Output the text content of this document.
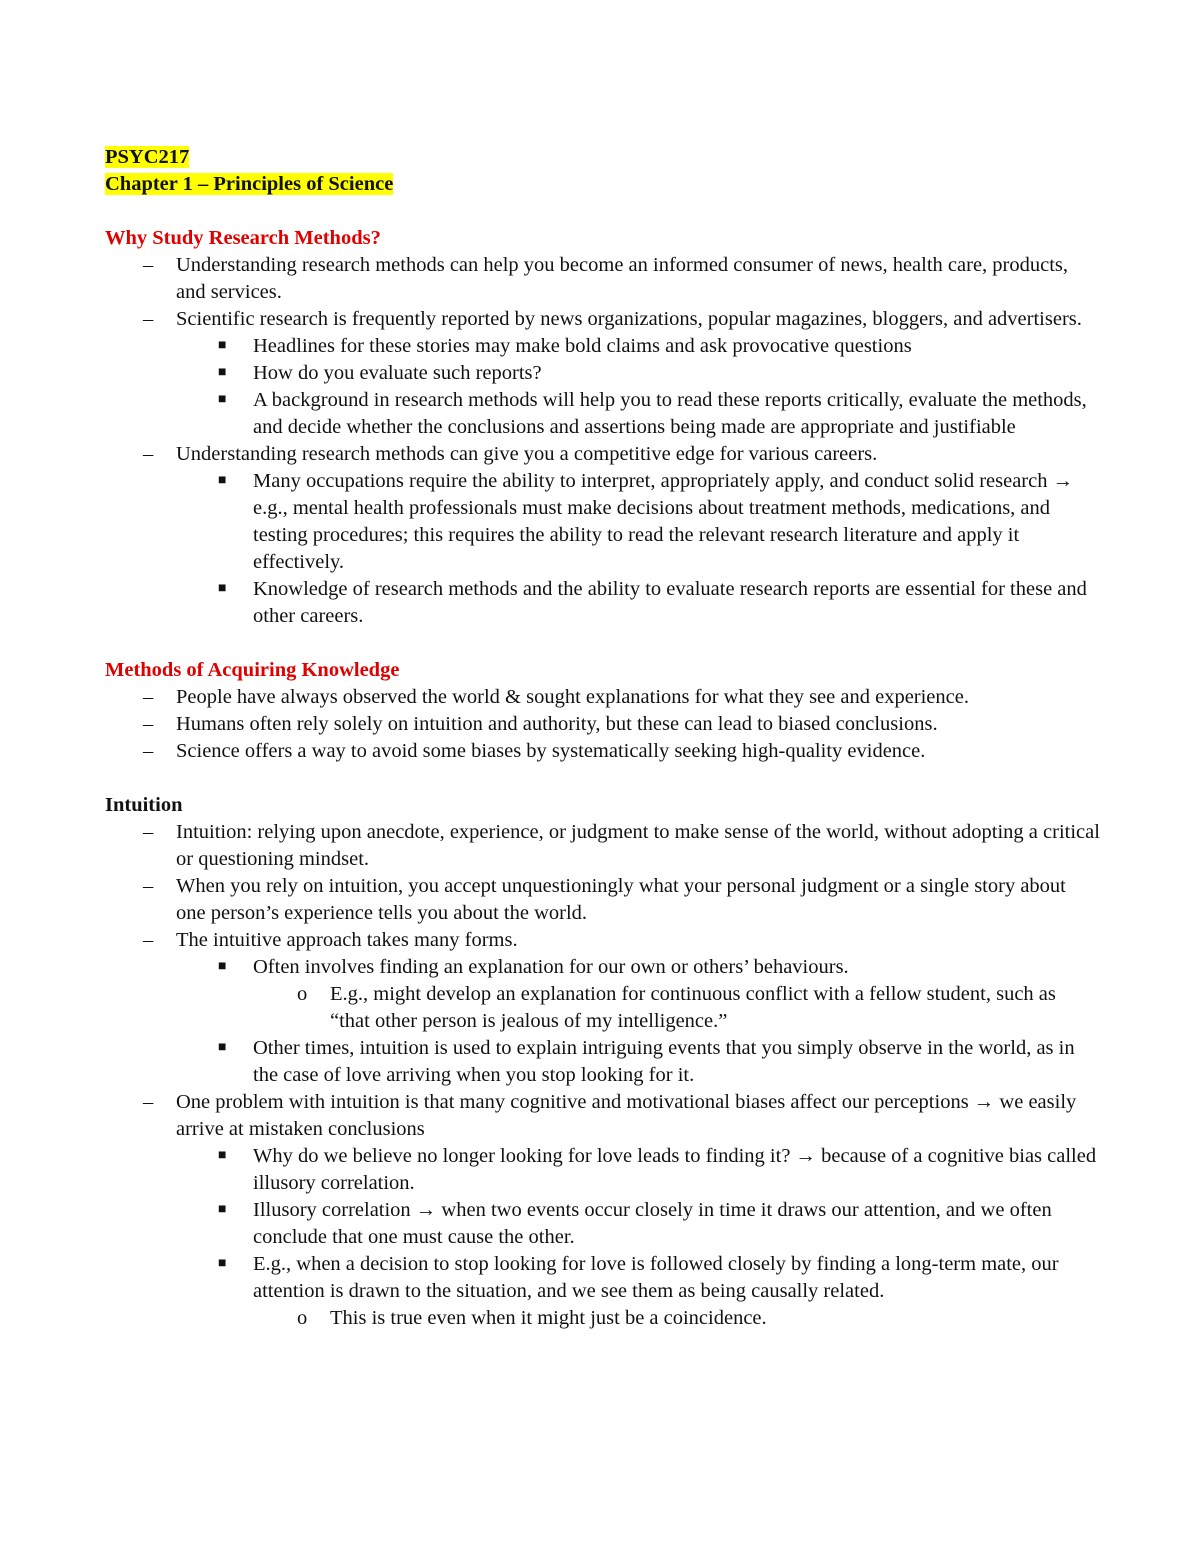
PSYC217

Chapter 1 – Principles of Science

Why Study Research Methods?

– Understanding research methods can help you become an informed consumer of news, health care, products, and services.
– Scientific research is frequently reported by news organizations, popular magazines, bloggers, and advertisers.
■ Headlines for these stories may make bold claims and ask provocative questions
■ How do you evaluate such reports?
■ A background in research methods will help you to read these reports critically, evaluate the methods, and decide whether the conclusions and assertions being made are appropriate and justifiable
– Understanding research methods can give you a competitive edge for various careers.
■ Many occupations require the ability to interpret, appropriately apply, and conduct solid research → e.g., mental health professionals must make decisions about treatment methods, medications, and testing procedures; this requires the ability to read the relevant research literature and apply it effectively.
■ Knowledge of research methods and the ability to evaluate research reports are essential for these and other careers.

Methods of Acquiring Knowledge

– People have always observed the world & sought explanations for what they see and experience.
– Humans often rely solely on intuition and authority, but these can lead to biased conclusions.
– Science offers a way to avoid some biases by systematically seeking high-quality evidence.

Intuition

– Intuition: relying upon anecdote, experience, or judgment to make sense of the world, without adopting a critical or questioning mindset.
– When you rely on intuition, you accept unquestioningly what your personal judgment or a single story about one person’s experience tells you about the world.
– The intuitive approach takes many forms.
■ Often involves finding an explanation for our own or others’ behaviours.
o E.g., might develop an explanation for continuous conflict with a fellow student, such as “that other person is jealous of my intelligence.”
■ Other times, intuition is used to explain intriguing events that you simply observe in the world, as in the case of love arriving when you stop looking for it.
– One problem with intuition is that many cognitive and motivational biases affect our perceptions → we easily arrive at mistaken conclusions
■ Why do we believe no longer looking for love leads to finding it? → because of a cognitive bias called illusory correlation.
■ Illusory correlation → when two events occur closely in time it draws our attention, and we often conclude that one must cause the other.
■ E.g., when a decision to stop looking for love is followed closely by finding a long-term mate, our attention is drawn to the situation, and we see them as being causally related.
o This is true even when it might just be a coincidence.
